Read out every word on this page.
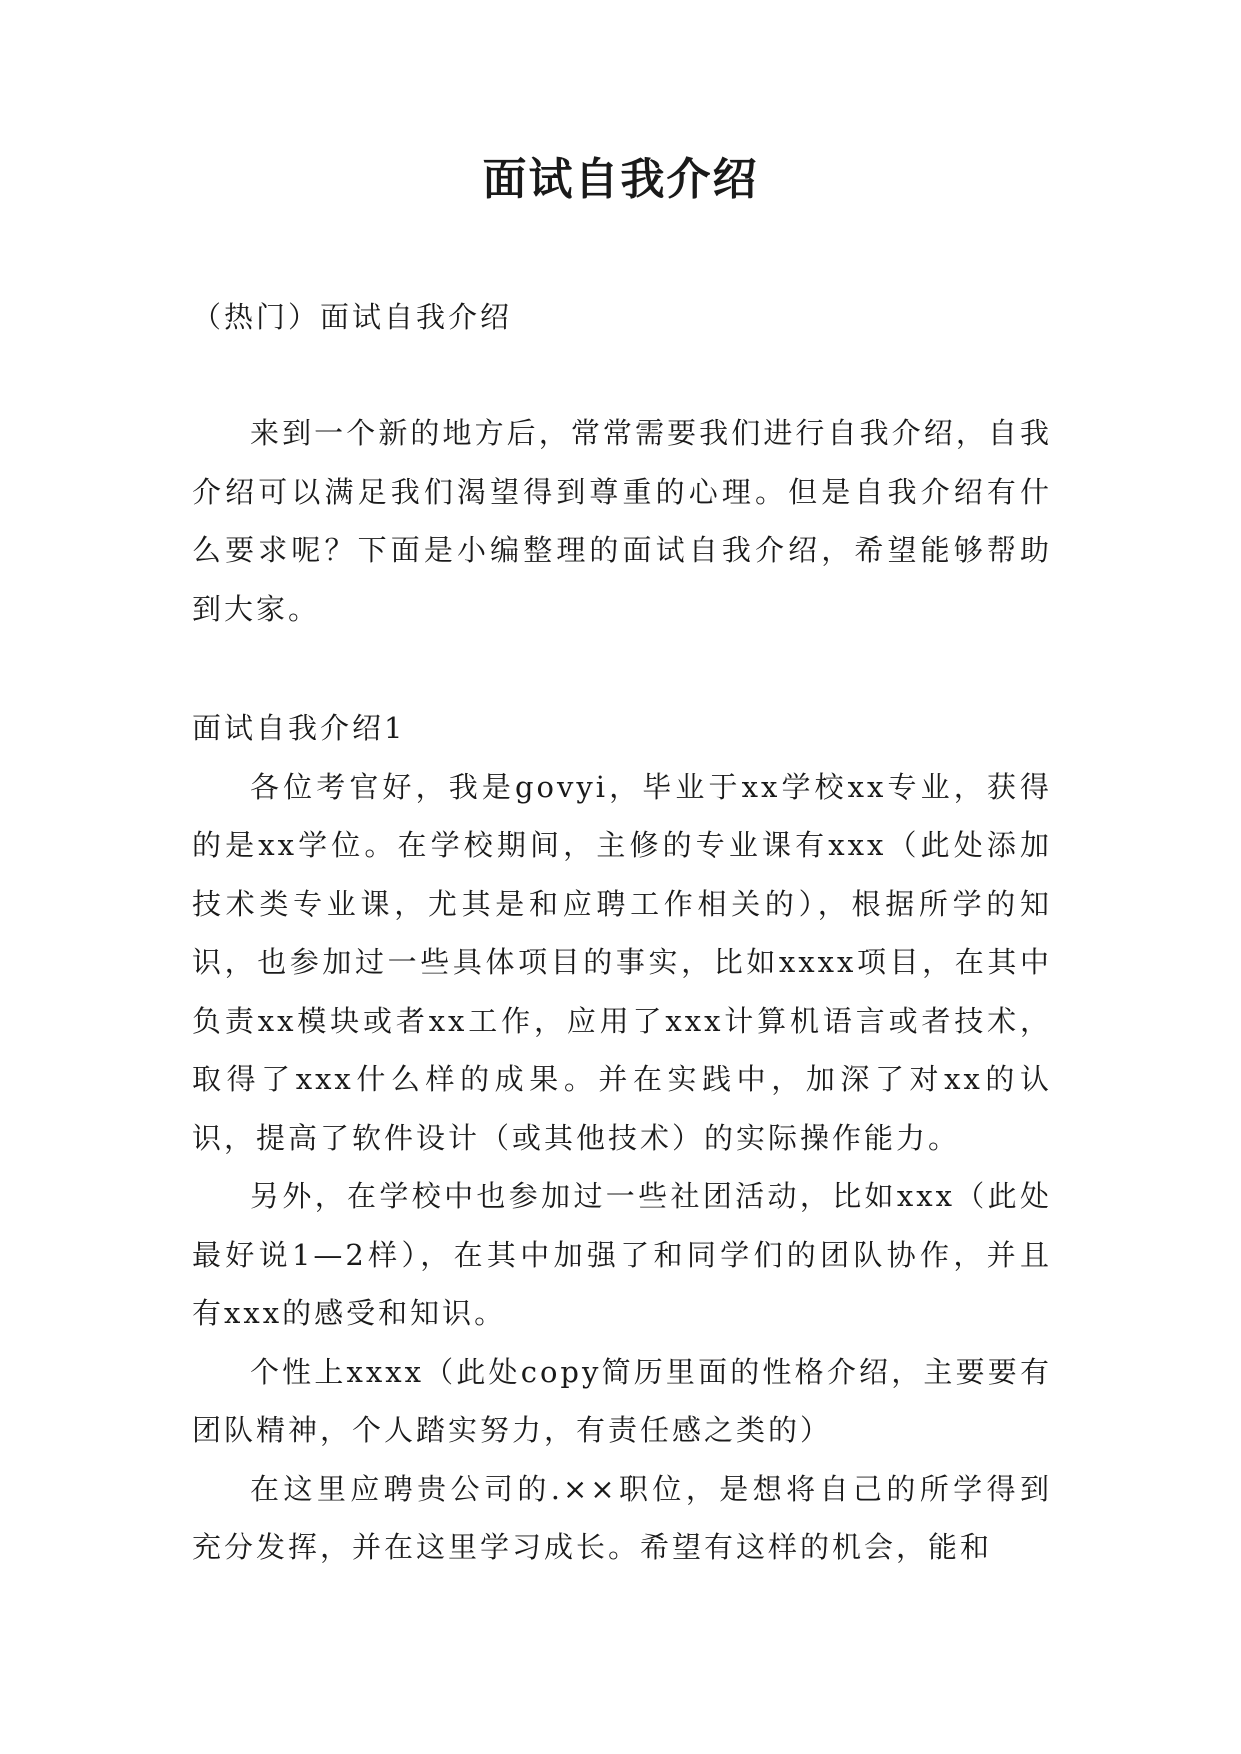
面试自我介绍
（热门）面试自我介绍

来到一个新的地方后，常常需要我们进行自我介绍，自我介绍可以满足我们渴望得到尊重的心理。但是自我介绍有什么要求呢？下面是小编整理的面试自我介绍，希望能够帮助到大家。

面试自我介绍1

各位考官好，我是govyi，毕业于xx学校xx专业，获得的是xx学位。在学校期间，主修的专业课有xxx（此处添加技术类专业课，尤其是和应聘工作相关的），根据所学的知识，也参加过一些具体项目的事实，比如xxxx项目，在其中负责xx模块或者xx工作，应用了xxx计算机语言或者技术，取得了xxx什么样的成果。并在实践中，加深了对xx的认识，提高了软件设计（或其他技术）的实际操作能力。

另外，在学校中也参加过一些社团活动，比如xxx（此处最好说1—2样），在其中加强了和同学们的团队协作，并且有xxx的感受和知识。

个性上xxxx（此处copy简历里面的性格介绍，主要要有团队精神，个人踏实努力，有责任感之类的）

在这里应聘贵公司的.××职位，是想将自己的所学得到充分发挥，并在这里学习成长。希望有这样的机会，能和
